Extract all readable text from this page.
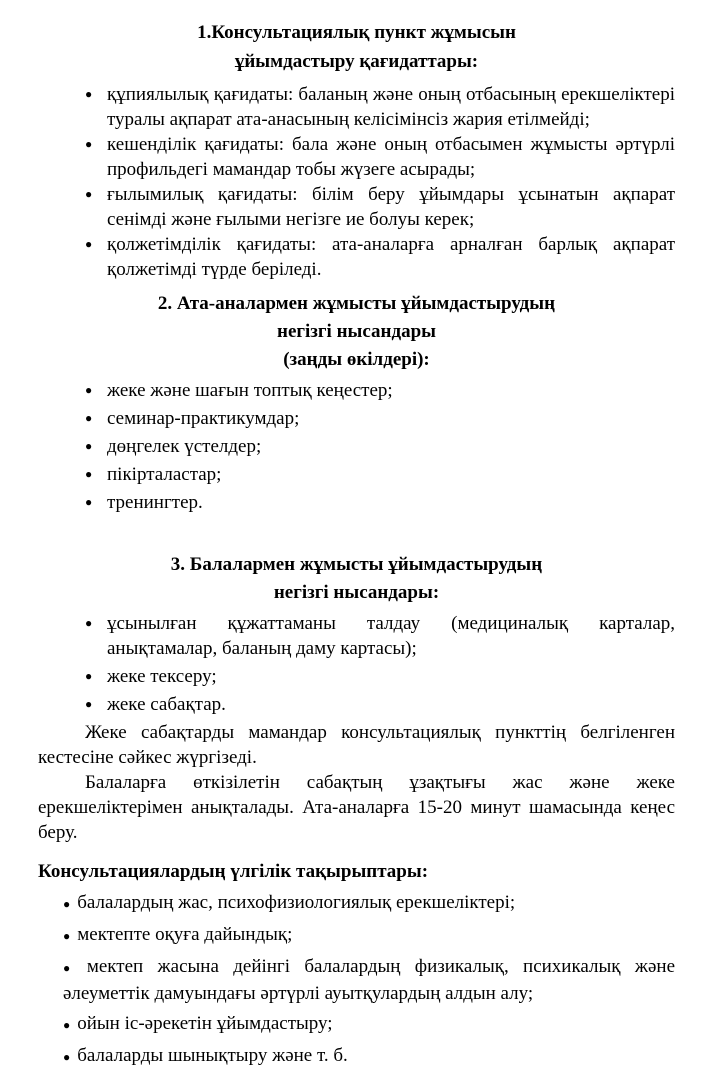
1.Консультациялық пункт жұмысын
ұйымдастыру қағидаттары:
● құпиялылық қағидаты: баланың және оның отбасының ерекшеліктері туралы ақпарат ата-анасының келісімінсіз жария етілмейді;
● кешенділік қағидаты: бала және оның отбасымен жұмысты әртүрлі профильдегі мамандар тобы жүзеге асырады;
● ғылымилық қағидаты: білім беру ұйымдары ұсынатын ақпарат сенімді және ғылыми негізге ие болуы керек;
● қолжетімділік қағидаты: ата-аналарға арналған барлық ақпарат қолжетімді түрде беріледі.
2. Ата-аналармен жұмысты ұйымдастырудың
негізгі нысандары
(заңды өкілдері):
● жеке және шағын топтық кеңестер;
● семинар-практикумдар;
● дөңгелек үстелдер;
● пікірталастар;
● тренингтер.
3. Балалармен жұмысты ұйымдастырудың
негізгі нысандары:
● ұсынылған құжаттаманы талдау (медициналық карталар, анықтамалар, баланың даму картасы);
● жеке тексеру;
● жеке сабақтар.

Жеке сабақтарды мамандар консультациялық пункттің белгіленген кестесіне сәйкес жүргізеді.

Балаларға өткізілетін сабақтың ұзақтығы жас және жеке ерекшеліктерімен анықталады. Ата-аналарға 15-20 минут шамасында кеңес беру.

Консультациялардың үлгілік тақырыптары:
● балалардың жас, психофизиологиялық ерекшеліктері;
● мектепте оқуға дайындық;
● мектеп жасына дейінгі балалардың физикалық, психикалық және әлеуметтік дамуындағы әртүрлі ауытқулардың алдын алу;
● ойын іс-әрекетін ұйымдастыру;
● балаларды шынықтыру және т. б.
